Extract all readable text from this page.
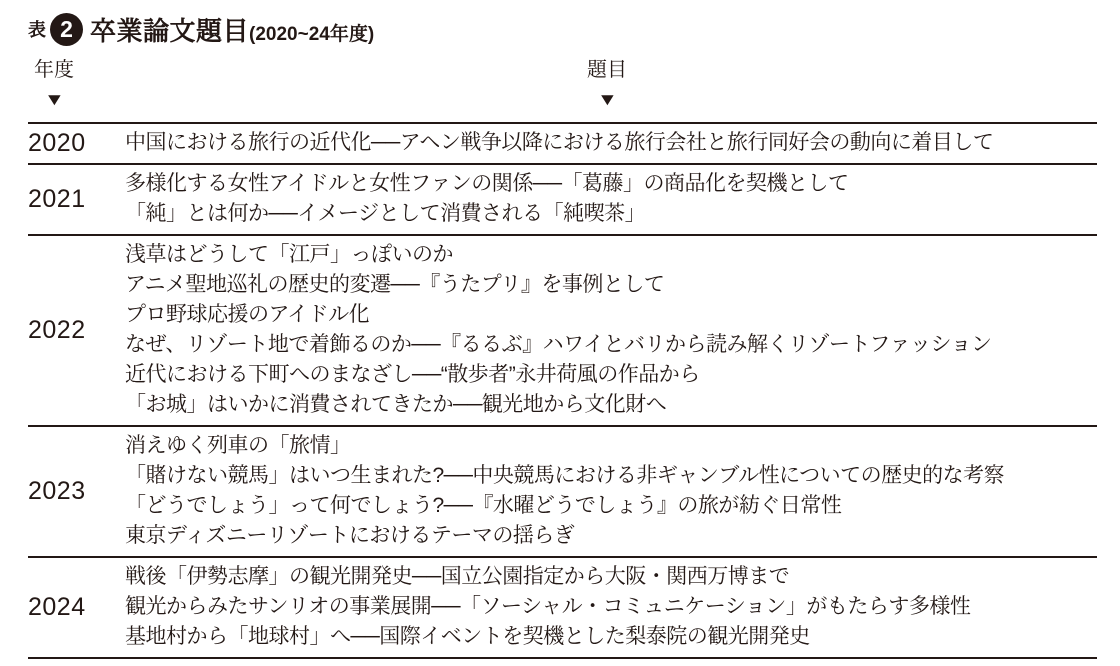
表 2 卒業論文題目(2020~24年度)
年度
▼
題目
▼
2020	中国における旅行の近代化──アヘン戦争以降における旅行会社と旅行同好会の動向に着目して

2021	多様化する女性アイドルと女性ファンの関係──「葛藤」の商品化を契機として
「純」とは何か──イメージとして消費される「純喫茶」

2022	
浅草はどうして「江戸」っぽいのか
アニメ聖地巡礼の歴史的変遷──『うたプリ』を事例として
プロ野球応援のアイドル化
なぜ、リゾート地で着飾るのか──『るるぶ』ハワイとバリから読み解くリゾートファッション
近代における下町へのまなざし──“散歩者”永井荷風の作品から
「お城」はいかに消費されてきたか──観光地から文化財へ

2023	消えゆく列車の「旅情」
「賭けない競馬」はいつ生まれた?──中央競馬における非ギャンブル性についての歴史的な考察
「どうでしょう」って何でしょう?──『水曜どうでしょう』の旅が紡ぐ日常性
東京ディズニーリゾートにおけるテーマの揺らぎ

2024	戦後「伊勢志摩」の観光開発史──国立公園指定から大阪・関西万博まで
観光からみたサンリオの事業展開──「ソーシャル・コミュニケーション」がもたらす多様性
基地村から「地球村」へ──国際イベントを契機とした梨泰院の観光開発史
